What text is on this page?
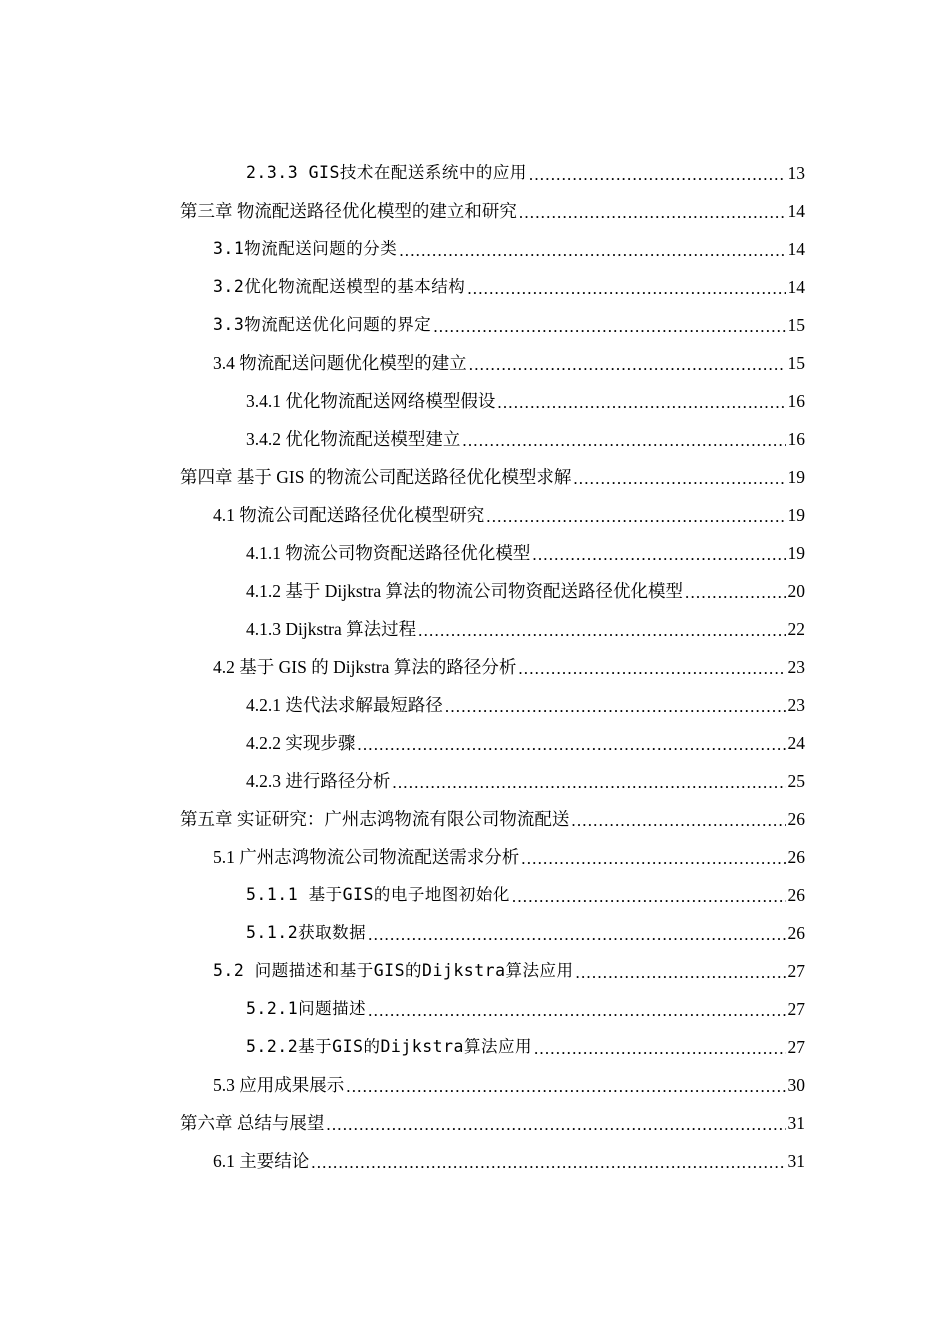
2.3.3 GIS技术在配送系统中的应用 .....	13
第三章 物流配送路径优化模型的建立和研究 .....	14
3.1物流配送问题的分类 .....	14
3.2优化物流配送模型的基本结构 .....	14
3.3物流配送优化问题的界定 .....	15
3.4 物流配送问题优化模型的建立 .....	15
3.4.1 优化物流配送网络模型假设 .....	16
3.4.2 优化物流配送模型建立 .....	16
第四章 基于 GIS 的物流公司配送路径优化模型求解 .....	19
4.1 物流公司配送路径优化模型研究 .....	19
4.1.1 物流公司物资配送路径优化模型 .....	19
4.1.2 基于 Dijkstra 算法的物流公司物资配送路径优化模型 .....	20
4.1.3 Dijkstra 算法过程 .....	22
4.2 基于 GIS 的 Dijkstra 算法的路径分析 .....	23
4.2.1 迭代法求解最短路径 .....	23
4.2.2 实现步骤 .....	24
4.2.3 进行路径分析 .....	25
第五章 实证研究：广州志鸿物流有限公司物流配送 .....	26
5.1 广州志鸿物流公司物流配送需求分析 .....	26
5.1.1 基于GIS的电子地图初始化 .....	26
5.1.2获取数据 .....	26
5.2 问题描述和基于GIS的Dijkstra算法应用 .....	27
5.2.1问题描述 .....	27
5.2.2基于GIS的Dijkstra算法应用 .....	27
5.3 应用成果展示 .....	30
第六章 总结与展望 .....	31
6.1 主要结论 .....	31
